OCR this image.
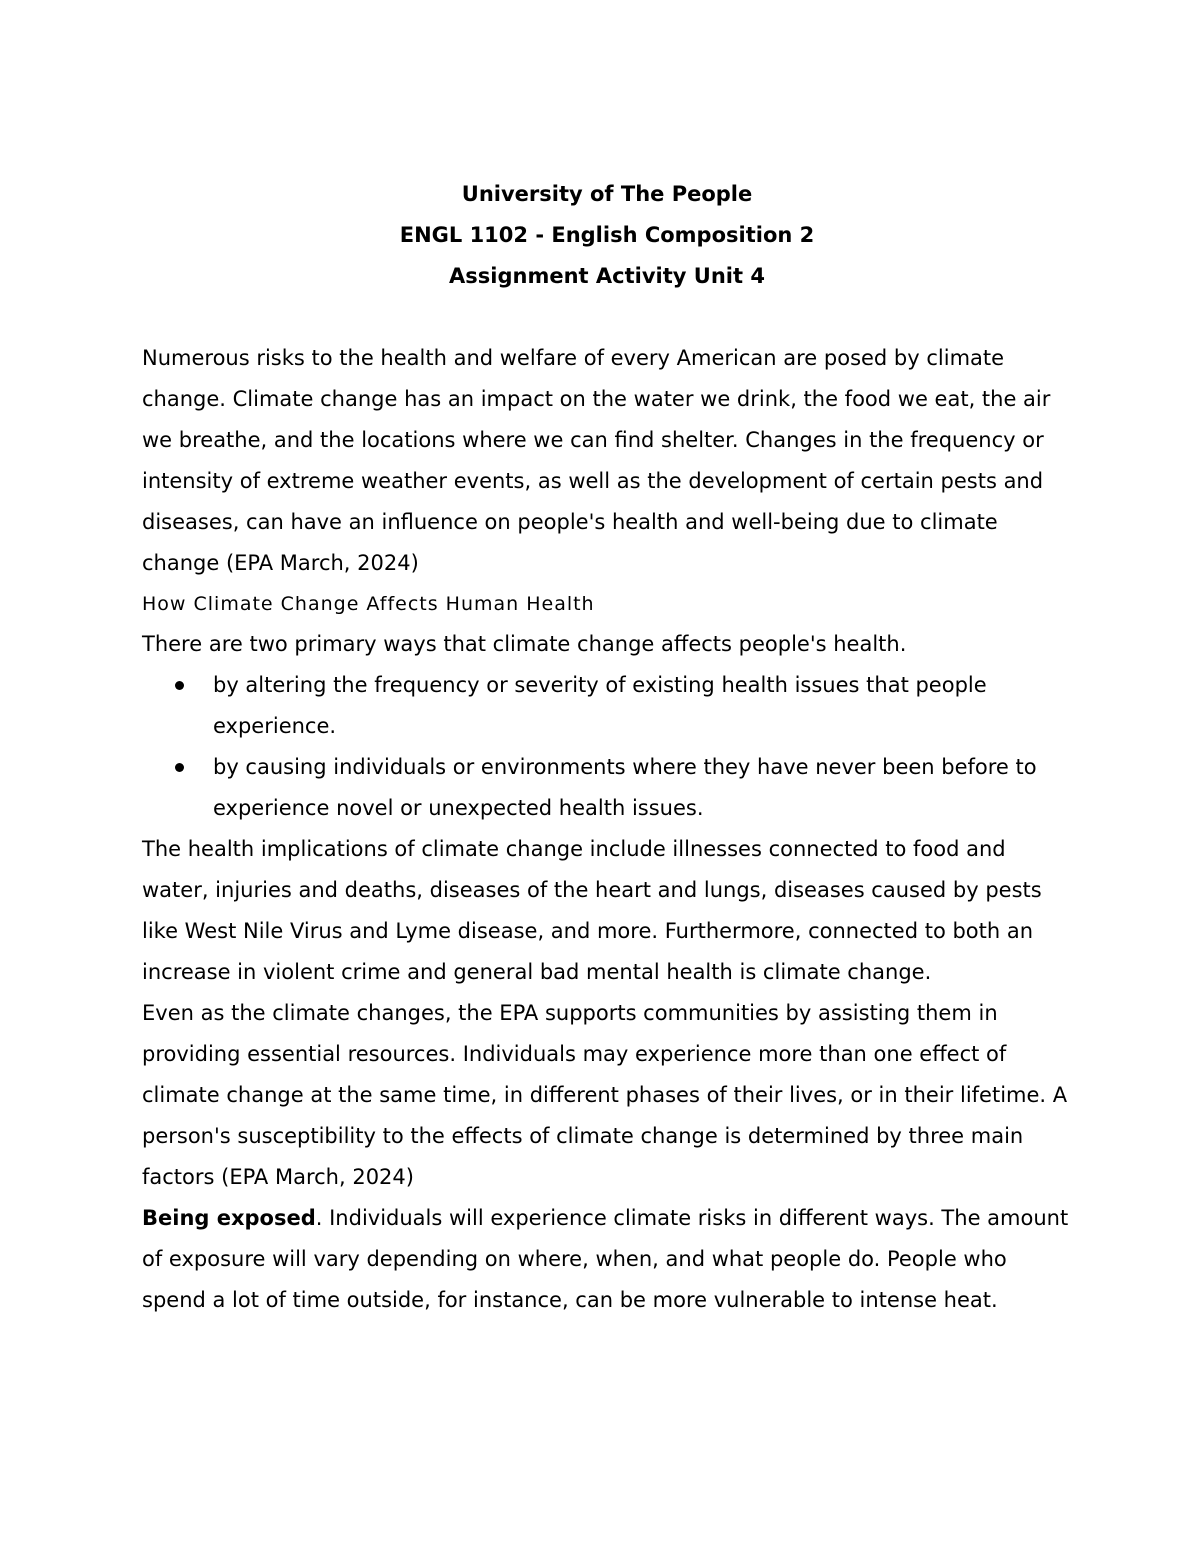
University of The People
ENGL 1102 - English Composition 2
Assignment Activity Unit 4

Numerous risks to the health and welfare of every American are posed by climate change. Climate change has an impact on the water we drink, the food we eat, the air we breathe, and the locations where we can find shelter. Changes in the frequency or intensity of extreme weather events, as well as the development of certain pests and diseases, can have an influence on people's health and well-being due to climate change (EPA March, 2024)

How Climate Change Affects Human Health

There are two primary ways that climate change affects people's health.

by altering the frequency or severity of existing health issues that people experience.
by causing individuals or environments where they have never been before to experience novel or unexpected health issues.

The health implications of climate change include illnesses connected to food and water, injuries and deaths, diseases of the heart and lungs, diseases caused by pests like West Nile Virus and Lyme disease, and more. Furthermore, connected to both an increase in violent crime and general bad mental health is climate change.

Even as the climate changes, the EPA supports communities by assisting them in providing essential resources. Individuals may experience more than one effect of climate change at the same time, in different phases of their lives, or in their lifetime. A person's susceptibility to the effects of climate change is determined by three main factors (EPA March, 2024)

Being exposed. Individuals will experience climate risks in different ways. The amount of exposure will vary depending on where, when, and what people do. People who spend a lot of time outside, for instance, can be more vulnerable to intense heat.
